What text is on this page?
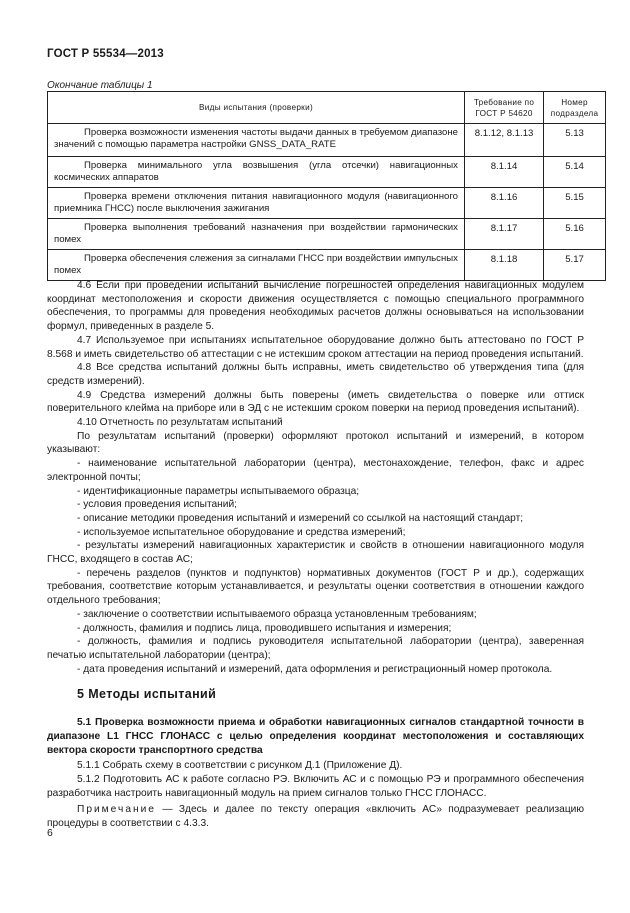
ГОСТ Р 55534—2013
Окончание таблицы 1
Виды испытания (проверки)	Требование по ГОСТ Р 54620	Номер подраздела

Проверка возможности изменения частоты выдачи данных в требуемом диапазоне значений с помощью параметра настройки GNSS_DATA_RATE	8.1.12, 8.1.13	5.13

Проверка минимального угла возвышения (угла отсечки) навигационных космических аппаратов	8.1.14	5.14

Проверка времени отключения питания навигационного модуля (навигационного приемника ГНСС) после выключения зажигания	8.1.16	5.15

Проверка выполнения требований назначения при воздействии гармонических помех	8.1.17	5.16

Проверка обеспечения слежения за сигналами ГНСС при воздействии импульсных помех	8.1.18	5.17

4.6 Если при проведении испытаний вычисление погрешностей определения навигационных модулем координат местоположения и скорости движения осуществляется с помощью специального программного обеспечения, то программы для проведения необходимых расчетов должны основываться на использовании формул, приведенных в разделе 5.

4.7 Используемое при испытаниях испытательное оборудование должно быть аттестовано по ГОСТ Р 8.568 и иметь свидетельство об аттестации с не истекшим сроком аттестации на период проведения испытаний.

4.8 Все средства испытаний должны быть исправны, иметь свидетельство об утверждения типа (для средств измерений).

4.9 Средства измерений должны быть поверены (иметь свидетельства о поверке или оттиск поверительного клейма на приборе или в ЭД с не истекшим сроком поверки на период проведения испытаний).

4.10 Отчетность по результатам испытаний

По результатам испытаний (проверки) оформляют протокол испытаний и измерений, в котором указывают:

- наименование испытательной лаборатории (центра), местонахождение, телефон, факс и адрес электронной почты;

- идентификационные параметры испытываемого образца;

- условия проведения испытаний;

- описание методики проведения испытаний и измерений со ссылкой на настоящий стандарт;

- используемое испытательное оборудование и средства измерений;

- результаты измерений навигационных характеристик и свойств в отношении навигационного модуля ГНСС, входящего в состав АС;

- перечень разделов (пунктов и подпунктов) нормативных документов (ГОСТ Р и др.), содержащих требования, соответствие которым устанавливается, и результаты оценки соответствия в отношении каждого отдельного требования;

- заключение о соответствии испытываемого образца установленным требованиям;

- должность, фамилия и подпись лица, проводившего испытания и измерения;

- должность, фамилия и подпись руководителя испытательной лаборатории (центра), заверенная печатью испытательной лаборатории (центра);

- дата проведения испытаний и измерений, дата оформления и регистрационный номер протокола.

5 Методы испытаний

5.1 Проверка возможности приема и обработки навигационных сигналов стандартной точности в диапазоне L1 ГНСС ГЛОНАСС с целью определения координат местоположения и составляющих вектора скорости транспортного средства

5.1.1 Собрать схему в соответствии с рисунком Д.1 (Приложение Д).

5.1.2 Подготовить АС к работе согласно РЭ. Включить АС и с помощью РЭ и программного обеспечения разработчика настроить навигационный модуль на прием сигналов только ГНСС ГЛОНАСС.

Примечание — Здесь и далее по тексту операция «включить АС» подразумевает реализацию процедуры в соответствии с 4.3.3.

6
